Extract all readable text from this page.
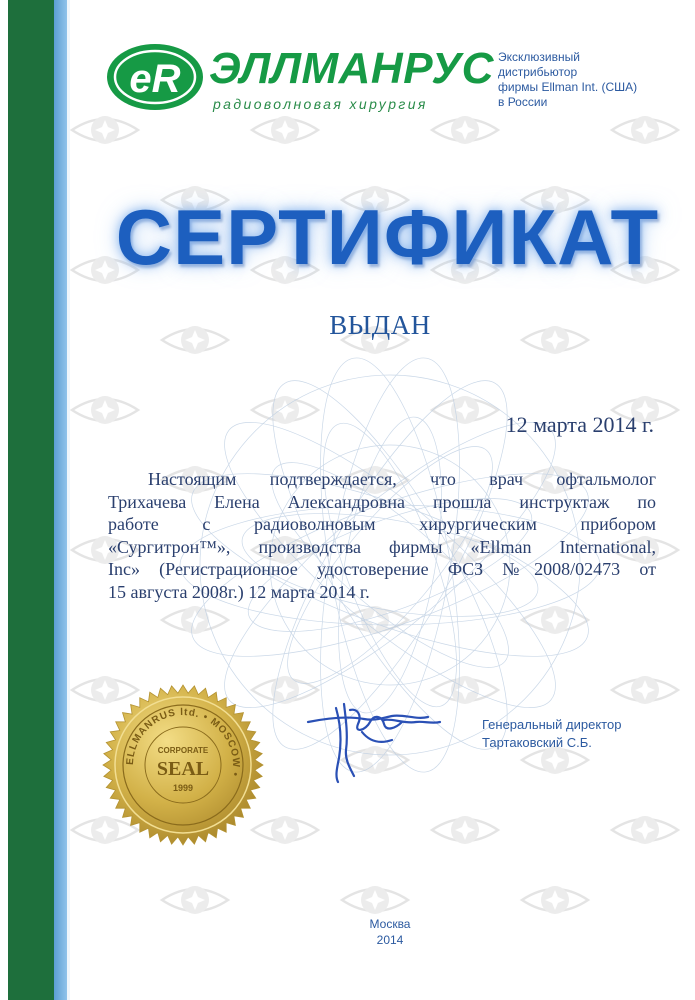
eR ЭЛЛМАНРУС
радиоволновая хирургия
Эксклюзивный
дистрибьютор
фирмы Ellman Int. (США)
в России
СЕРТИФИКАТ
ВЫДАН
12 марта 2014 г.
Настоящим подтверждается, что врач офтальмолог
Трихачева Елена Александровна прошла инструктаж по
работе с радиоволновым хирургическим прибором
«Сургитрон™», производства фирмы «Ellman International,
Inc» (Регистрационное удостоверение ФСЗ №2008/02473 от
15 августа 2008г.) 12 марта 2014 г.
Генеральный директор
Тартаковский С.Б.
ELLMANRUS ltd. • MOSCOW •
CORPORATE
SEAL
1999
Москва
2014
